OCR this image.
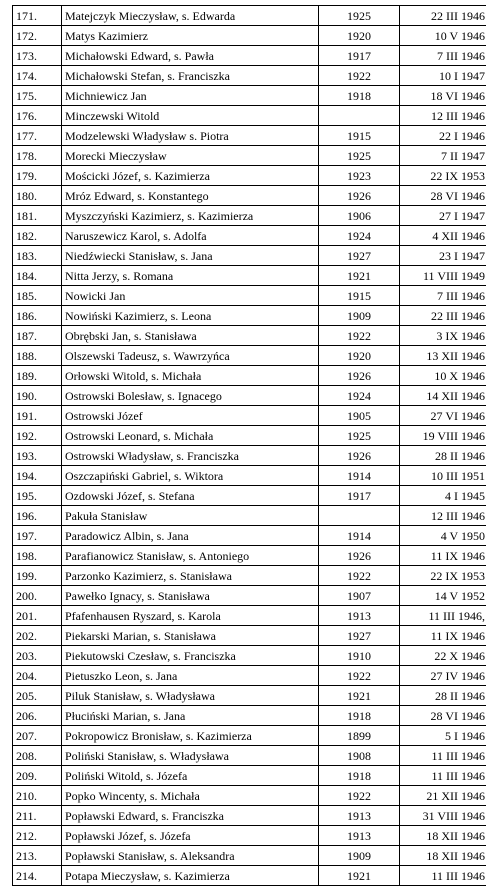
171.	Matejczyk Mieczysław, s. Edwarda	1925	22 III 1946
172.	Matys Kazimierz	1920	10 V 1946
173.	Michałowski Edward, s. Pawła	1917	7 III 1946
174.	Michałowski Stefan, s. Franciszka	1922	10 I 1947
175.	Michniewicz Jan	1918	18 VI 1946
176.	Minczewski Witold		12 III 1946
177.	Modzelewski Władysław s. Piotra	1915	22 I 1946
178.	Morecki Mieczysław	1925	7 II 1947
179.	Mościcki Józef, s. Kazimierza	1923	22 IX 1953
180.	Mróz Edward, s. Konstantego	1926	28 VI 1946
181.	Myszczyński Kazimierz, s. Kazimierza	1906	27 I 1947
182.	Naruszewicz Karol, s. Adolfa	1924	4 XII 1946
183.	Niedźwiecki Stanisław, s. Jana	1927	23 I 1947
184.	Nitta Jerzy, s. Romana	1921	11 VIII 1949
185.	Nowicki Jan	1915	7 III 1946
186.	Nowiński Kazimierz, s. Leona	1909	22 III 1946
187.	Obrębski Jan, s. Stanisława	1922	3 IX 1946
188.	Olszewski Tadeusz, s. Wawrzyńca	1920	13 XII 1946
189.	Orłowski Witold, s. Michała	1926	10 X 1946
190.	Ostrowski Bolesław, s. Ignacego	1924	14 XII 1946
191.	Ostrowski Józef	1905	27 VI 1946
192.	Ostrowski Leonard, s. Michała	1925	19 VIII 1946
193.	Ostrowski Władysław, s. Franciszka	1926	28 II 1946
194.	Oszczapiński Gabriel, s. Wiktora	1914	10 III 1951
195.	Ozdowski Józef, s. Stefana	1917	4 I 1945
196.	Pakuła Stanisław		12 III 1946
197.	Paradowicz Albin, s. Jana	1914	4 V 1950
198.	Parafianowicz Stanisław, s. Antoniego	1926	11 IX 1946
199.	Parzonko Kazimierz, s. Stanisława	1922	22 IX 1953
200.	Pawełko Ignacy, s. Stanisława	1907	14 V 1952
201.	Pfafenhausen Ryszard, s. Karola	1913	11 III 1946,
202.	Piekarski Marian, s. Stanisława	1927	11 IX 1946
203.	Piekutowski Czesław, s. Franciszka	1910	22 X 1946
204.	Pietuszko Leon, s. Jana	1922	27 IV 1946
205.	Piluk Stanisław, s. Władysława	1921	28 II 1946
206.	Płuciński Marian, s. Jana	1918	28 VI 1946
207.	Pokropowicz Bronisław, s. Kazimierza	1899	5 I 1946
208.	Poliński Stanisław, s. Władysława	1908	11 III 1946
209.	Poliński Witold, s. Józefa	1918	11 III 1946
210.	Popko Wincenty, s. Michała	1922	21 XII 1946
211.	Popławski Edward, s. Franciszka	1913	31 VIII 1946
212.	Popławski Józef, s. Józefa	1913	18 XII 1946
213.	Popławski Stanisław, s. Aleksandra	1909	18 XII 1946
214.	Potapa Mieczysław, s. Kazimierza	1921	11 III 1946
